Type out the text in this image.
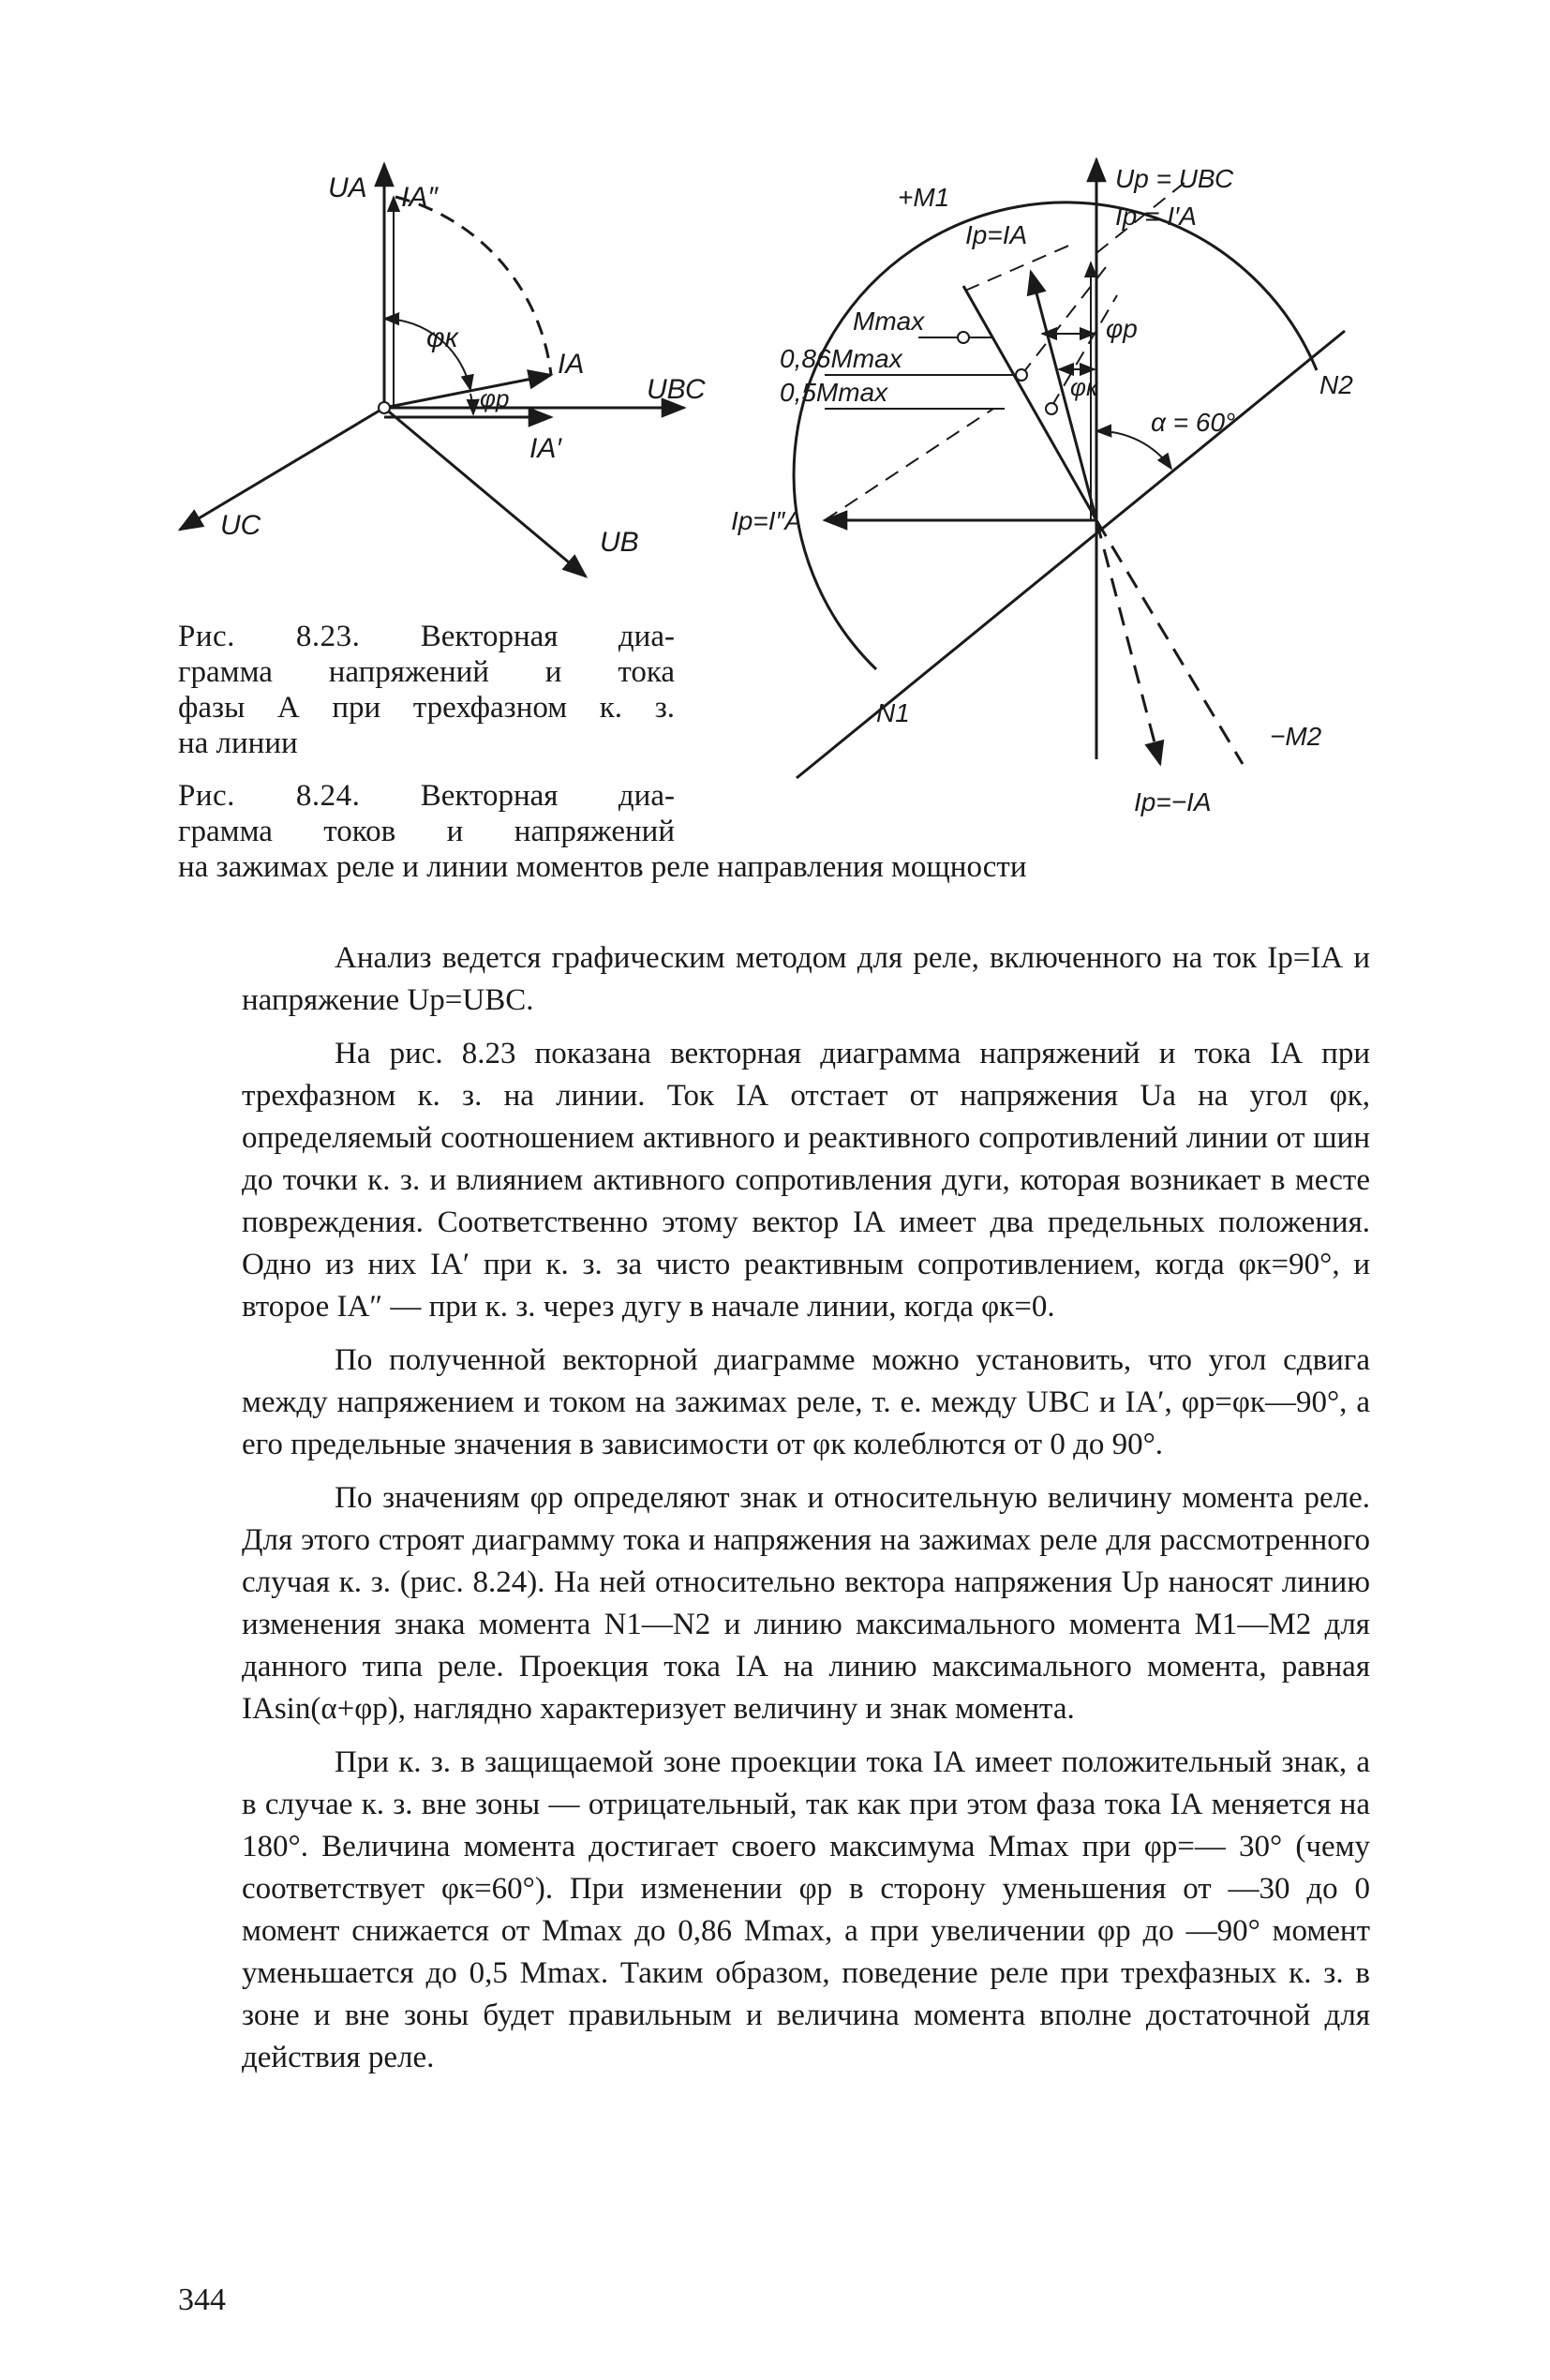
UА IА″
φк
IА
φр	UВС
IА′
UC
UВ
+M1
Iр=IА
Uр = UВС
Iр = I′А
Mmax
0,86Mmax
0,5Mmax
φр
φк
α = 60°
N2
Iр=I″А
N1
−M2
Iр=−IА
Рис. 8.23. Векторная диа-
грамма напряжений и тока
фазы А при трехфазном к. з.
на линии
Рис. 8.24. Векторная диа-
грамма токов и напряжений

на зажимах реле и линии моментов реле направления мощности

Анализ ведется графическим методом для реле, включенного на ток Iр=IА и напряжение Uр=UВС.

На рис. 8.23 показана векторная диаграмма напряжений и тока IА при трехфазном к. з. на линии. Ток IА отстает от напряжения Uа на угол φк, определяемый соотношением активного и реактивного сопротивлений линии от шин до точки к. з. и влиянием активного сопротивления дуги, которая возникает в месте повреждения. Соответственно этому вектор IА имеет два предельных положения. Одно из них IА′ при к. з. за чисто реактивным сопротивлением, когда φк=90°, и второе IА″ — при к. з. через дугу в начале линии, когда φк=0.

По полученной векторной диаграмме можно установить, что угол сдвига между напряжением и током на зажимах реле, т. е. между UВС и IА′, φр=φк—90°, а его предельные значения в зависимости от φк колеблются от 0 до 90°.

По значениям φр определяют знак и относительную величину момента реле. Для этого строят диаграмму тока и напряжения на зажимах реле для рассмотренного случая к. з. (рис. 8.24). На ней относительно вектора напряжения Uр наносят линию изменения знака момента N1—N2 и линию максимального момента M1—M2 для данного типа реле. Проекция тока IА на линию максимального момента, равная IАsin(α+φр), наглядно характеризует величину и знак момента.

При к. з. в защищаемой зоне проекции тока IА имеет положительный знак, а в случае к. з. вне зоны — отрицательный, так как при этом фаза тока IА меняется на 180°. Величина момента достигает своего максимума Mmax при φр=— 30° (чему соответствует φк=60°). При изменении φр в сторону уменьшения от —30 до 0 момент снижается от Mmax до 0,86 Mmax, а при увеличении φр до —90° момент уменьшается до 0,5 Mmax. Таким образом, поведение реле при трехфазных к. з. в зоне и вне зоны будет правильным и величина момента вполне достаточной для действия реле.

344
